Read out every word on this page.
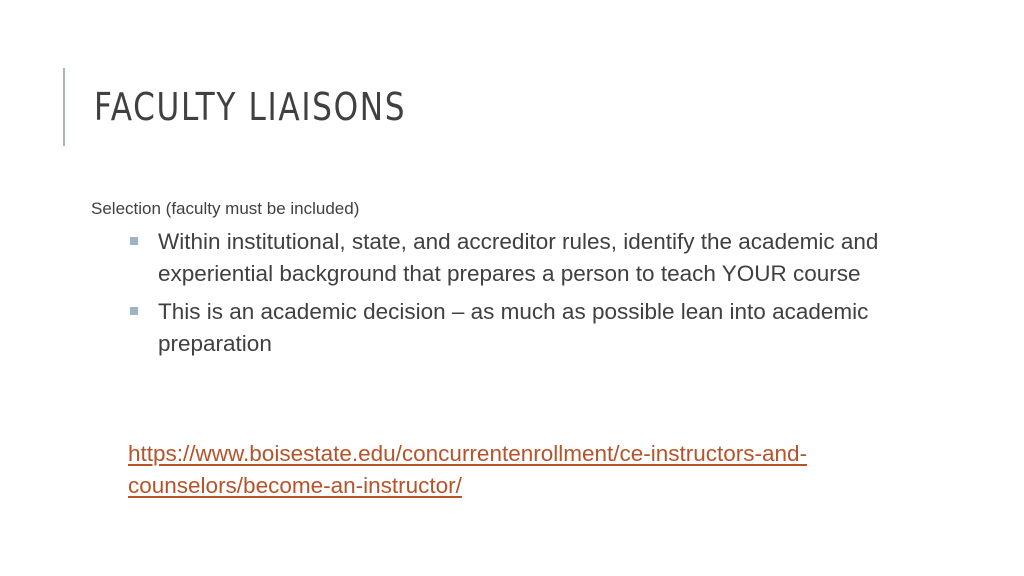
FACULTY LIAISONS
Selection (faculty must be included)
Within institutional, state, and accreditor rules, identify the academic and experiential background that prepares a person to teach YOUR course
This is an academic decision – as much as possible lean into academic preparation
https://www.boisestate.edu/concurrentenrollment/ce-instructors-and-counselors/become-an-instructor/
